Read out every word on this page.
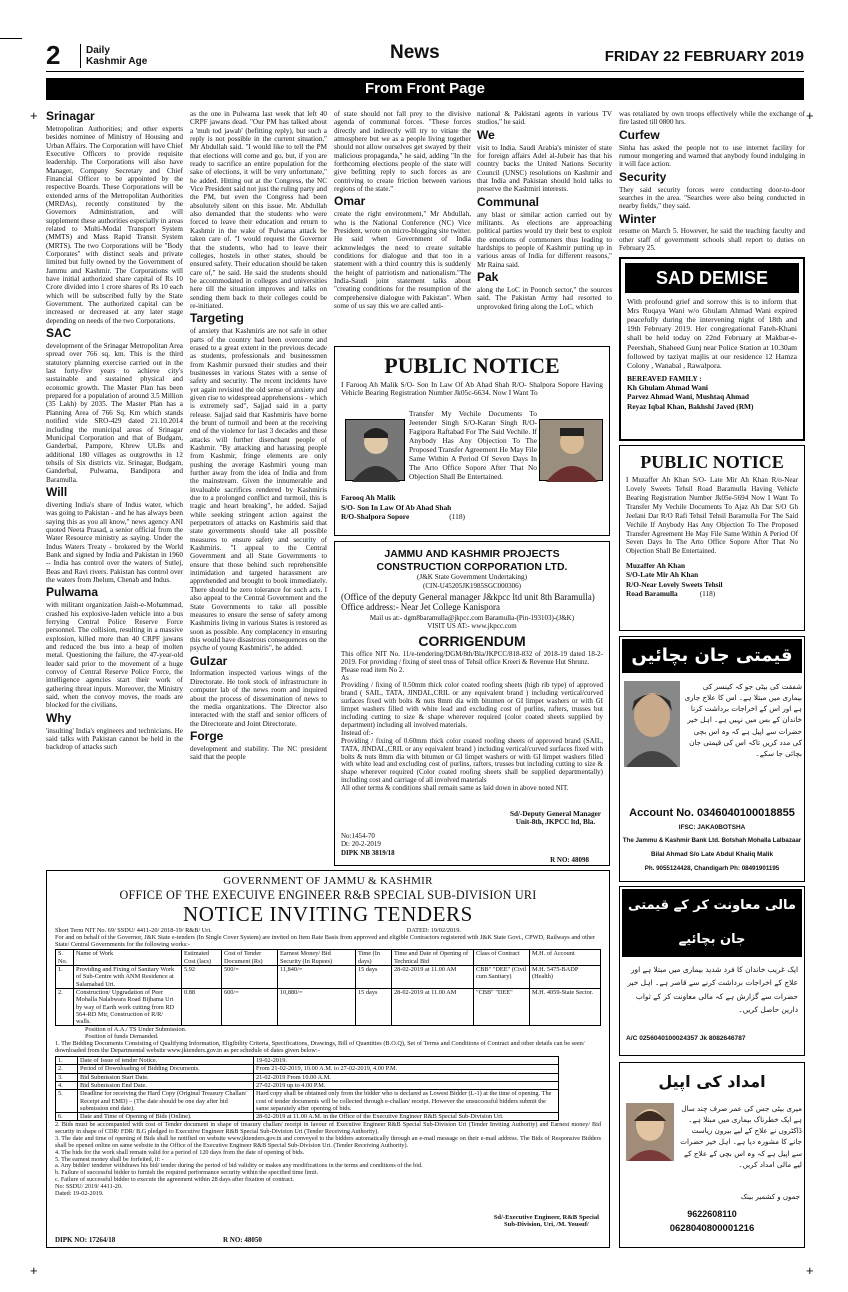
+	+
+	+
2	Daily
Kashmir Age	News	FRIDAY 22 FEBRUARY 2019
From Front Page
Srinagar

Metropolitan Authorities; and other experts besides nominee of Ministry of Housing and Urban Affairs. The Corporation will have Chief Executive Officers to provide requisite leadership. The Corporations will also have Manager, Company Secretary and Chief Financial Officer to be appointed by the respective Boards. These Corporations will be extended arms of the Metropolitan Authorities (MRDAs), recently constituted by the Governors Administration, and will supplement these authorities especially in areas related to Multi-Modal Transport System (MMTS) and Mass Rapid Transit System (MRTS). The two Corporations will be "Body Corporates" with distinct seals and private limited but fully owned by the Government of Jammu and Kashmir. The Corporations will have initial authorized share capital of Rs 10 Crore divided into 1 crore shares of Rs 10 each which will be subscribed fully by the State Government. The authorized capital can be increased or decreased at any later stage depending on needs of the two Corporations.

SAC

development of the Srinagar Metropolitan Area spread over 766 sq. km. This is the third statutory planning exercise carried out in the last forty-five years to achieve city's sustainable and sustained physical and economic growth. The Master Plan has been prepared for a population of around 3.5 Million (35 Lakh) by 2035. The Master Plan has a Planning Area of 766 Sq. Km which stands notified vide SRO-429 dated 21.10.2014 including the municipal areas of Srinagar Municipal Corporation and that of Budgam, Ganderbal, Pampore, Khrew ULBs and additional 180 villages as outgrowths in 12 tehsils of Six districts viz. Srinagar, Budgam, Ganderbal, Pulwama, Bandipora and Baramulla.

Will

diverting India's share of Indus water, which was going to Pakistan - and he has always been saying this as you all know," news agency ANI quoted Neeta Prasad, a senior official from the Water Resource ministry as saying. Under the Indus Waters Treaty - brokered by the World Bank and signed by India and Pakistan in 1960 -- India has control over the waters of Sutlej, Beas and Ravi rivers. Pakistan has control over the waters from Jhelum, Chenab and Indus.

Pulwama

with militant organization Jaish-e-Mohammad, crashed his explosive-laden vehicle into a bus ferrying Central Police Reserve Force personnel. The collision, resulting in a massive explosion, killed more than 40 CRPF jawans and reduced the bus into a heap of molten metal. Questioning the failure, the 47-year-old leader said prior to the movement of a huge convoy of Central Reserve Police Force, the intelligence agencies start their work of gathering threat inputs. Moreover, the Ministry said, when the convoy moves, the roads are blocked for the civilians.

Why

'insulting' India's engineers and technicians. He said talks with Pakistan cannot be held in the backdrop of attacks such

as the one in Pulwama last week that left 40 CRPF jawans dead. "Our PM has talked about a 'muh tod jawab' (befitting reply), but such a reply is not possible in the current situation," Mr Abdullah said. "I would like to tell the PM that elections will come and go, but, if you are ready to sacrifice an entire population for the sake of elections, it will be very unfortunate," he added. Hitting out at the Congress, the NC Vice President said not just the ruling party and the PM, but even the Congress had been absolutely silent on this issue. Mr. Abdullah also demanded that the students who were forced to leave their education and return to Kashmir in the wake of Pulwama attack be taken care of. "I would request the Governor that the students, who had to leave their colleges, hostels in other states, should be ensured safety. Their education should be taken care of," he said. He said the students should be accommodated in colleges and universities here till the situation improves and talks on sending them back to their colleges could be re-initiated.

Targeting

of anxiety that Kashmiris are not safe in other parts of the country had been overcome and erased to a great extent in the previous decade as students, professionals and businessmen from Kashmir pursued their studies and their businesses in various States with a sense of safety and security. The recent incidents have yet again revisited the old sense of anxiety and given rise to widespread apprehensions - which is extremely sad", Sajjad said in a party release. Sajjad said that Kashmiris have borne the brunt of turmoil and been at the receiving end of the violence for last 3 decades and these attacks will further disenchant people of Kashmir. "By attacking and harassing people from Kashmir, fringe elements are only pushing the average Kashmiri young man further away from the idea of India and from the mainstream. Given the innumerable and invaluable sacrifices rendered by Kashmiris due to a prolonged conflict and turmoil, this is tragic and heart breaking", he added. Sajjad while seeking stringent action against the perpetrators of attacks on Kashmiris said that state governments should take all possible measures to ensure safety and security of Kashmiris. "I appeal to the Central Government and all State Governments to ensure that those behind such reprehensible intimidation and targeted harassment are apprehended and brought to book immediately. There should be zero tolerance for such acts. I also appeal to the Central Government and the State Governments to take all possible measures to ensure the sense of safety among Kashmiris living in various States is restored as soon as possible. Any complacency in ensuring this would have disastrous consequences on the psyche of young Kashmiris", he added.

Gulzar

Information inspected various wings of the Directorate. He took stock of infrastructure in computer lab of the news room and inquired about the process of dissemination of news to the media organizations. The Director also interacted with the staff and senior officers of the Directorate and Joint Directorate.

Forge

development and stability. The NC president said that the people

of state should not fall prey to the divisive agenda of communal forces. "These forces directly and indirectly will try to vitiate the atmosphere but we as a people living together should not allow ourselves get swayed by their malicious propaganda," he said, adding "In the forthcoming elections people of the state will give befitting reply to such forces as are contriving to create friction between various regions of the state."

Omar

create the right environment," Mr Abdullah, who is the National Conference (NC) Vice President, wrote on micro-blogging site twitter. He said when Government of India acknowledges the need to create suitable conditions for dialogue and that too in a statement with a third country this is suddenly the height of patriotism and nationalism."The India-Saudi joint statement talks about "creating conditions for the resumption of the comprehensive dialogue with Pakistan". When some of us say this we are called anti-

national & Pakistani agents in various TV studios," he said.

We

visit to India. Saudi Arabia's minister of state for foreign affairs Adel al-Jubeir has that his country backs the United Nations Security Council (UNSC) resolutions on Kashmir and that India and Pakistan should hold talks to preserve the Kashmiri interests.

Communal

any blast or similar action carried out by militants. As elections are approaching political parties would try their best to exploit the emotions of commoners thus leading to hardships to people of Kashmir putting up in various areas of India for different reasons," Mr Raina said.

Pak

along the LoC in Poonch sector," the sources said. The Pakistan Army had resorted to unprovoked firing along the LoC, which

was retaliated by own troops effectively while the exchange of fire lasted till 0800 hrs.

Curfew

Sinha has asked the people not to use internet facility for rumour mongering and warned that anybody found indulging in it will face action.

Security

They said security forces were conducting door-to-door searches in the area. "Searches were also being conducted in nearby fields," they said.

Winter

resume on March 5. However, he said the teaching faculty and other staff of government schools shall report to duties on February 25.

SAD DEMISE

With profound grief and sorrow this is to inform that Mrs Ruqaya Wani w/o Ghulam Ahmad Wani expired peacefully during the intervening night of 18th and 19th February 2019. Her congregational Fateh-Khani shall be held today on 22nd February at Makbar-e-Peershah, Shaheed Gunj near Police Station at 10.30am followed by taziyat majlis at our residence 12 Hamza Colony , Wanabal , Rawalpora.

BEREAVED FAMILY :
Kh Ghulam Ahmad Wani
Parvez Ahmad Wani, Mushtaq Ahmad
Reyaz Iqbal Khan, Bakhshi Javed (RM)
PUBLIC NOTICE

I Farooq Ah Malik S/O- Son In Law Of Ab Ahad Shah R/O- Shalpora Sopore Having Vehicle Bearing Registration Number Jk05c-6634. Now I Want To

Transfer My Vechile Documents To Jeetender Singh S/O-Karan Singh R/O- Fagipora Raftabad For The Said Vechile. If Anybody Has Any Objection To The Proposed Transfer Agreement He May File Same Within A Period Of Seven Days In The Arto Office Sopore After That No Objection Shall Be Entertained.

Farooq Ah Malik
S/O- Son In Law Of Ab Ahad Shah
R/O-Shalpora Sopore	(118)
PUBLIC NOTICE

I Muzaffer Ah Khan S/O- Late Mir Ah Khan R/o-Near Lovely Sweets Tehsil Road Baramulla Having Vehicle Bearing Registration Number Jk05e-5694 Now I Want To Transfer My Vechile Documents To Ajaz Ah Dar S/O Gh Jeelani Dar R/O Rafi Tehsil Tehsil Baramulla For The Said Vechile If Anybody Has Any Objection To The Proposed Transfer Agreement He May File Same Within A Period Of Seven Days In The Arto Office Sopore After That No Objection Shall Be Entertained.

Muzaffer Ah Khan
S/O-Late Mir Ah Khan
R/O-Near Lovely Sweets Tehsil
Road Baramulla	(118)
JAMMU AND KASHMIR PROJECTS
CONSTRUCTION CORPORATION LTD.
(J&K State Government Undertaking)
(CIN-U45205JK1985SGC000306)
(Office of the deputy General manager J&kpcc ltd unit 8th Baramulla) Office address:- Near Jet College Kanispora
Mail us at:- dgm8baramulla@jkpcc.com Baramulla-(Pin-193103)-(J&K)
VISIT US AT:- www.jkpcc.com
CORRIGENDUM

This office NIT No. 11/e-tendering/DGM/8th/Bla/JKPCC/818-832 of 2018-19 dated 18-2-2019. For providing / fixing of steel truss of Tehsil office Kreeri & Revenue Hut Shrunz.

Please read item No 2.

As

Providing / fixing of 0.50mm thick color coated roofing sheets (high rib type) of approved brand ( SAIL, TATA, JINDAL,CRIL or any equivalent brand ) including vertical/curved surfaces fixed with bolts & nuts 8mm dia with bitumen or GI limpet washers or with GI limpet washers filled with white lead and excluding cost of purlins, rafters, trusses but including cutting to size & shape wherever required (color coated sheets supplied by department) including all involved materials.

Instead of:-

Providing / fixing of 0.60mm thick color coated roofing sheets of approved brand (SAIL, TATA, JINDAL,CRIL or any equivalent brand ) including vertical/curved surfaces fixed with bolts & nuts 8mm dia with bitumen or GI limpet washers or with GI limpet washers filled with white lead and excluding cost of purlins, rafters, trusses but including cutting to size & shape wherever required (Color coated roofing sheets shall be supplied departmentally) including cost and carriage of all involved materials

All other terms & conditions shall remain same as laid down in above noted NIT.

Sd/-Deputy General Manager
Unit-8th, JKPCC ltd, Bla.
No:1454-70
Dt: 20-2-2019
DIPK NB 3819/18
R NO: 48098
قیمتی جان بچائیں

شفقت کی بیٹی جو کہ کینسر کی بیماری میں مبتلا ہے۔ اس کا علاج جاری ہے اور اس کے اخراجات برداشت کرنا خاندان کے بس میں نہیں ہے۔ اہل خیر حضرات سے اپیل ہے کہ وہ اس بچی کی مدد کریں تاکہ اس کی قیمتی جان بچائی جا سکے۔

Account No. 0346040100018855
IFSC: JAKA0BOTSHA
The Jammu & Kashmir Bank Ltd. Botshah Mohalla Lalbazaar
Bilal Ahmad S/o Late Abdul Khaliq Malik
Ph. 9055124428, Chandigarh Ph: 08491901195
مالی معاونت کر کے قیمتی جان بچائیے

ایک غریب خاندان کا فرد شدید بیماری میں مبتلا ہے اور علاج کے اخراجات برداشت کرنے سے قاصر ہے۔ اہل خیر حضرات سے گزارش ہے کہ مالی معاونت کر کے ثواب دارین حاصل کریں۔

A/C 0256040100024357 Jk 8082646787
امداد کی اپیل

میری بیٹی جس کی عمر صرف چند سال ہے ایک خطرناک بیماری میں مبتلا ہے۔ ڈاکٹروں نے علاج کے لیے بیرون ریاست جانے کا مشورہ دیا ہے۔ اہل خیر حضرات سے اپیل ہے کہ وہ اس بچی کے علاج کے لیے مالی امداد کریں۔

جموں و کشمیر بینک

9622608110
0628040800001216
GOVERNMENT OF JAMMU & KASHMIR
OFFICE OF THE EXECUIVE ENGINEER R&B SPECIAL SUB-DIVISION URI
NOTICE INVITING TENDERS
Short Term NIT No. 69/ SSDU/ 4411-20/ 2018-19/ R&B/ Uri.	DATED: 19/02/2019.

For and on behalf of the Governor, J&K State e-tenders (In Single Cover System) are invited on Item Rate Basis from approved and eligible Contractors registered with J&K State Govt., CPWD, Railways and other State/ Central Governments for the following works:-

S. No.	Name of Work	Estimated Cost (lacs)	Cost of Tender Document (Rs)	Earnest Money/ Bid Security (In Rupees)	Time (In days)	Time and Date of Opening of Technical Bid	Class of Contract	M.H. of Account
1.	Providing and Fixing of Sanitary Work of Sub-Centre with ANM Residence at Salamabad Uri.	5.92	500/=	11,840/=	15 days	28-02-2019 at 11.00 AM	CBB" "DEE" (Civil cum Sanitary)	M.H. 5475-BADP (Health)
2.	Construction/ Upgradation of Peer Mohalla Nalabwara Road Bijhama Uri by way of Earth work cutting from RD 564-RD Mtr, Construction of R/R/ walls.	0.88	600/=	10,880/=	15 days	28-02-2019 at 11.00 AM	"CBB" "DEE"	M.H. 4059-State Sector.
Position of A.A./ TS Under Submission.
Position of funds Demanded.

1. The Bidding Documents Consisting of Qualifying Information, Eligibility Criteria, Specifications, Drawings, Bill of Quantities (B.O.Q), Set of Terms and Conditions of Contract and other details can be seen/ downloaded from the Departmental website www.jktenders.gov.in as per schedule of dates given below:-

1.	Date of Issue of tender Notice.	19-02-2019.
2.	Period of Downloading of Bidding Documents.	From 21-02-2019, 10.00 A.M. to 27-02-2019, 4.00 P.M.
3.	Bid Submission Start Date.	21-02-2019 From 10.00 A.M.
4.	Bid Submission End Date.	27-02-2019 up to 4.00 P.M.
5.	Deadline for receiving the Hard Copy (Original Treasury Challan/ Receipt and EMD) – (The date should be one day after bid submission end date).	Hard copy shall be obtained only from the bidder who is declared as Lowest Bidder (L-1) at the time of opening. The cost of tender documents will be collected through e-challan/ receipt. However the unsuccessful bidders submit the same separately after opening of bids.
6.	Date and Time of Opening of Bids (Online).	28-02-2019 at 11.00 A.M. in the Office of the Executive Engineer R&B Special Sub-Division Uri.

2. Bids must be accompanied with cost of Tender document in shape of treasury challan/ receipt in favour of Executive Engineer R&B Special Sub-Division Uri (Tender Inviting Authority) and Earnest money/ Bid security in shape of CDR/ FDR/ B.G pledged to Executive Engineer R&B Special Sub-Division Uri (Tender Receiving Authority).

3. The date and time of opening of Bids shall be notified on website www.jktenders.gov.in and conveyed to the bidders automatically through an e-mail message on their e-mail address. The Bids of Responsive Bidders shall be opened online on same website in the Office of the Executive Engineer R&B Special Sub-Division Uri. (Tender Receiving Authority).

4. The bids for the work shall remain valid for a period of 120 days from the date of opening of bids.

5. The earnest money shall be forfeited, if: -

a. Any bidder/ tenderer withdraws his bid/ tender during the period of bid validity or makes any modifications in the terms and conditions of the bid.

b. Failure of successful bidder to furnish the required performance security within the specified time limit.

c. Failure of successful bidder to execute the agreement within 28 days after fixation of contract.

No: SSDU/ 2019/ 4411-20.

Dated: 19-02-2019.

Sd/-Executive Engineer, R&B Special
Sub-Division, Uri, /M. Yousuf/
DIPK NO: 17264/18	R NO: 48050
